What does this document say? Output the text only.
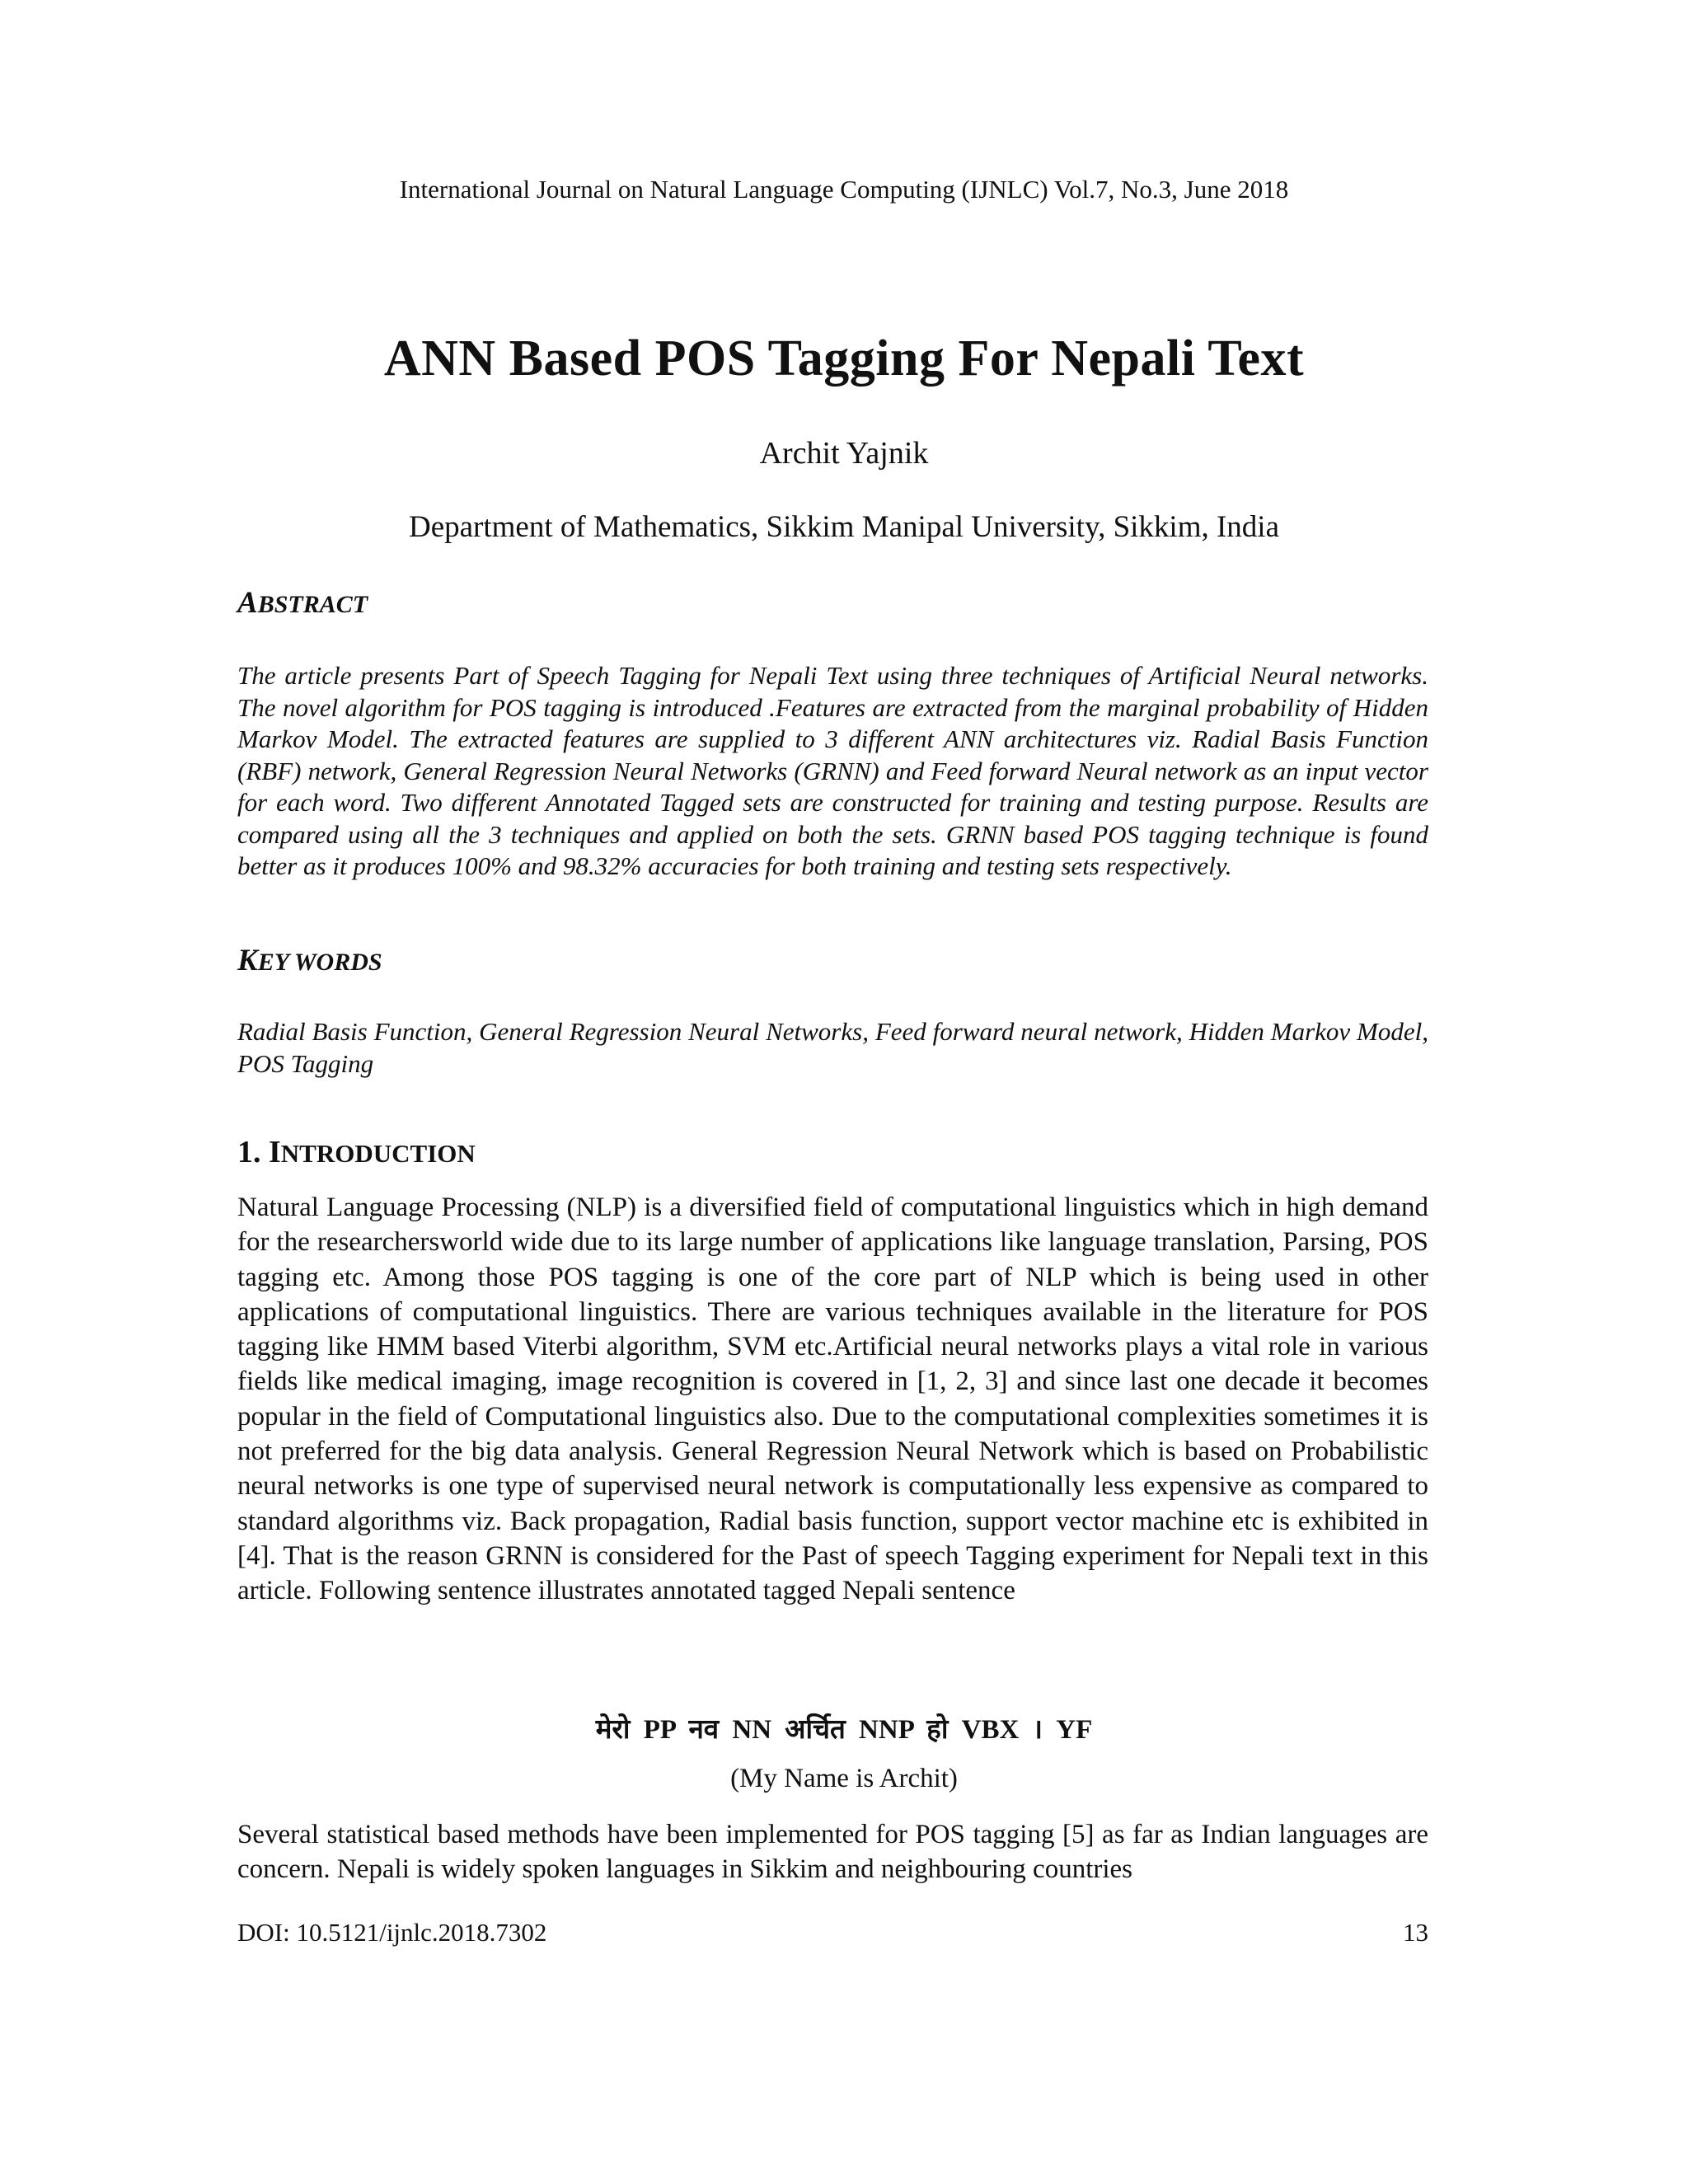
International Journal on Natural Language Computing (IJNLC) Vol.7, No.3, June 2018
ANN Based POS Tagging For Nepali Text
Archit Yajnik
Department of Mathematics, Sikkim Manipal University, Sikkim, India
ABSTRACT

The article presents Part of Speech Tagging for Nepali Text using three techniques of Artificial Neural networks. The novel algorithm for POS tagging is introduced .Features are extracted from the marginal probability of Hidden Markov Model. The extracted features are supplied to 3 different ANN architectures viz. Radial Basis Function (RBF) network, General Regression Neural Networks (GRNN) and Feed forward Neural network as an input vector for each word. Two different Annotated Tagged sets are constructed for training and testing purpose. Results are compared using all the 3 techniques and applied on both the sets. GRNN based POS tagging technique is found better as it produces 100% and 98.32% accuracies for both training and testing sets respectively.

KEY WORDS

Radial Basis Function, General Regression Neural Networks, Feed forward neural network, Hidden Markov Model, POS Tagging

1. INTRODUCTION

Natural Language Processing (NLP) is a diversified field of computational linguistics which in high demand for the researchersworld wide due to its large number of applications like language translation, Parsing, POS tagging etc. Among those POS tagging is one of the core part of NLP which is being used in other applications of computational linguistics. There are various techniques available in the literature for POS tagging like HMM based Viterbi algorithm, SVM etc.Artificial neural networks plays a vital role in various fields like medical imaging, image recognition is covered in [1, 2, 3] and since last one decade it becomes popular in the field of Computational linguistics also. Due to the computational complexities sometimes it is not preferred for the big data analysis. General Regression Neural Network which is based on Probabilistic neural networks is one type of supervised neural network is computationally less expensive as compared to standard algorithms viz. Back propagation, Radial basis function, support vector machine etc is exhibited in [4]. That is the reason GRNN is considered for the Past of speech Tagging experiment for Nepali text in this article. Following sentence illustrates annotated tagged Nepali sentence

मेरो PP नव NN अर्चित NNP हो VBX । YF
(My Name is Archit)

Several statistical based methods have been implemented for POS tagging [5] as far as Indian languages are concern. Nepali is widely spoken languages in Sikkim and neighbouring countries

DOI: 10.5121/ijnlc.2018.7302	13
